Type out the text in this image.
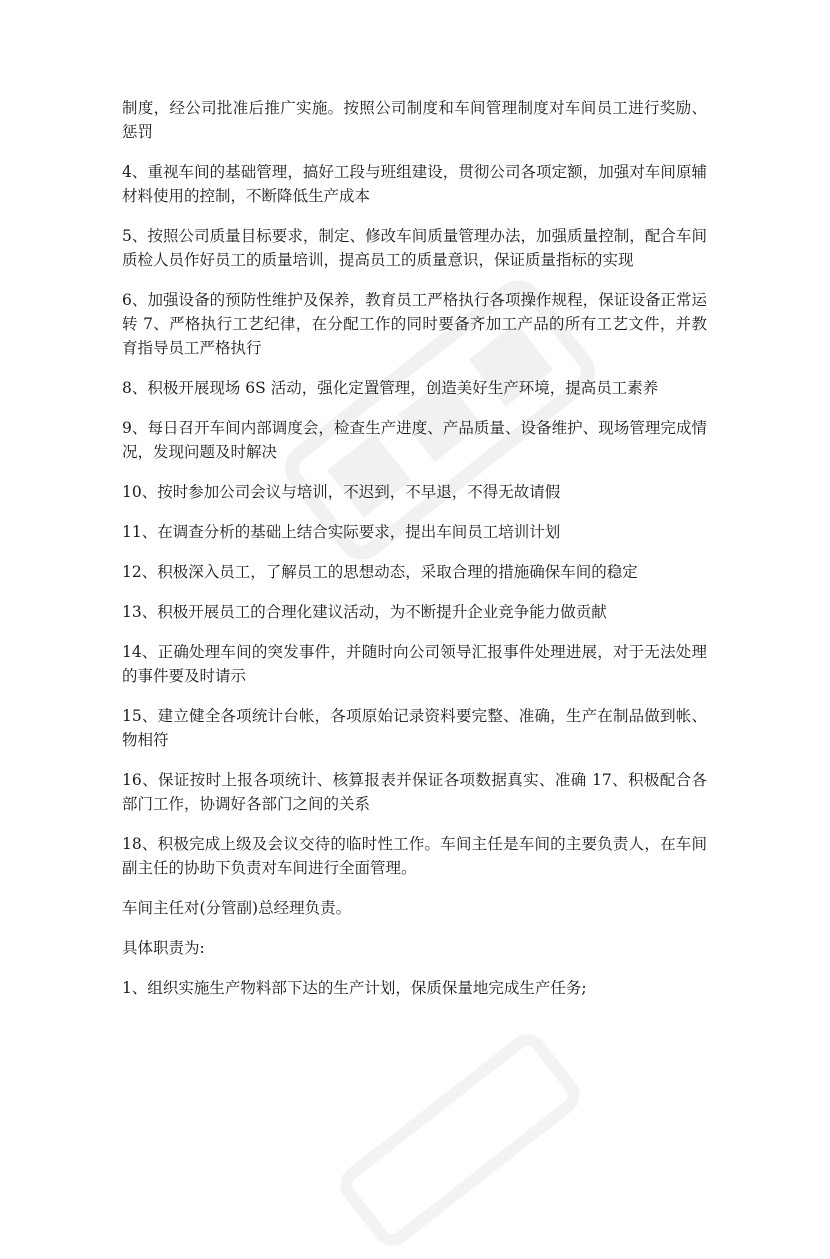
制度，经公司批准后推广实施。按照公司制度和车间管理制度对车间员工进行奖励、惩罚

4、重视车间的基础管理，搞好工段与班组建设，贯彻公司各项定额，加强对车间原辅材料使用的控制，不断降低生产成本

5、按照公司质量目标要求，制定、修改车间质量管理办法，加强质量控制，配合车间质检人员作好员工的质量培训，提高员工的质量意识，保证质量指标的实现

6、加强设备的预防性维护及保养，教育员工严格执行各项操作规程，保证设备正常运转 7、严格执行工艺纪律，在分配工作的同时要备齐加工产品的所有工艺文件，并教育指导员工严格执行

8、积极开展现场 6S 活动，强化定置管理，创造美好生产环境，提高员工素养

9、每日召开车间内部调度会，检查生产进度、产品质量、设备维护、现场管理完成情况，发现问题及时解决

10、按时参加公司会议与培训，不迟到，不早退，不得无故请假

11、在调查分析的基础上结合实际要求，提出车间员工培训计划

12、积极深入员工，了解员工的思想动态，采取合理的措施确保车间的稳定

13、积极开展员工的合理化建议活动，为不断提升企业竞争能力做贡献

14、正确处理车间的突发事件，并随时向公司领导汇报事件处理进展，对于无法处理的事件要及时请示

15、建立健全各项统计台帐，各项原始记录资料要完整、准确，生产在制品做到帐、物相符

16、保证按时上报各项统计、核算报表并保证各项数据真实、准确 17、积极配合各部门工作，协调好各部门之间的关系

18、积极完成上级及会议交待的临时性工作。车间主任是车间的主要负责人，在车间副主任的协助下负责对车间进行全面管理。

车间主任对(分管副)总经理负责。

具体职责为:

1、组织实施生产物料部下达的生产计划，保质保量地完成生产任务;
